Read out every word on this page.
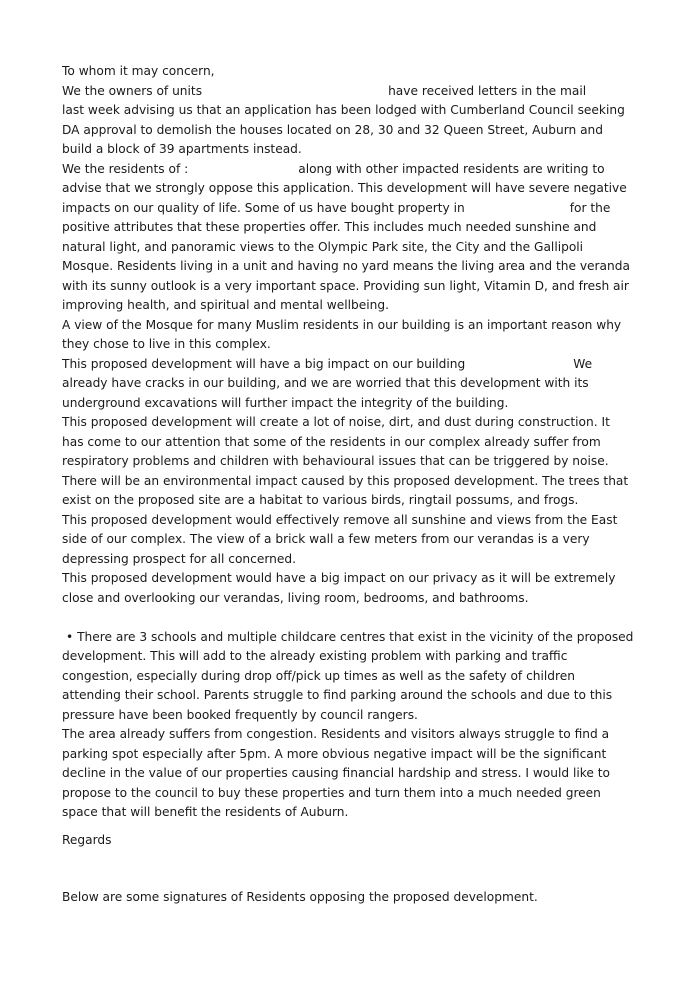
To whom it may concern,
We the owners of units	have received letters in the mail
last week advising us that an application has been lodged with Cumberland Council seeking
DA approval to demolish the houses located on 28, 30 and 32 Queen Street, Auburn and
build a block of 39 apartments instead.
We the residents of :	along with other impacted residents are writing to
advise that we strongly oppose this application. This development will have severe negative
impacts on our quality of life. Some of us have bought property in	for the
positive attributes that these properties offer. This includes much needed sunshine and
natural light, and panoramic views to the Olympic Park site, the City and the Gallipoli
Mosque. Residents living in a unit and having no yard means the living area and the veranda
with its sunny outlook is a very important space. Providing sun light, Vitamin D, and fresh air
improving health, and spiritual and mental wellbeing.
A view of the Mosque for many Muslim residents in our building is an important reason why
they chose to live in this complex.
This proposed development will have a big impact on our building	We
already have cracks in our building, and we are worried that this development with its
underground excavations will further impact the integrity of the building.
This proposed development will create a lot of noise, dirt, and dust during construction. It
has come to our attention that some of the residents in our complex already suffer from
respiratory problems and children with behavioural issues that can be triggered by noise.
There will be an environmental impact caused by this proposed development. The trees that
exist on the proposed site are a habitat to various birds, ringtail possums, and frogs.
This proposed development would effectively remove all sunshine and views from the East
side of our complex. The view of a brick wall a few meters from our verandas is a very
depressing prospect for all concerned.
This proposed development would have a big impact on our privacy as it will be extremely
close and overlooking our verandas, living room, bedrooms, and bathrooms.
• There are 3 schools and multiple childcare centres that exist in the vicinity of the proposed
development. This will add to the already existing problem with parking and traffic
congestion, especially during drop off/pick up times as well as the safety of children
attending their school. Parents struggle to find parking around the schools and due to this
pressure have been booked frequently by council rangers.
The area already suffers from congestion. Residents and visitors always struggle to find a
parking spot especially after 5pm. A more obvious negative impact will be the significant
decline in the value of our properties causing financial hardship and stress. I would like to
propose to the council to buy these properties and turn them into a much needed green
space that will benefit the residents of Auburn.
Regards
Below are some signatures of Residents opposing the proposed development.
